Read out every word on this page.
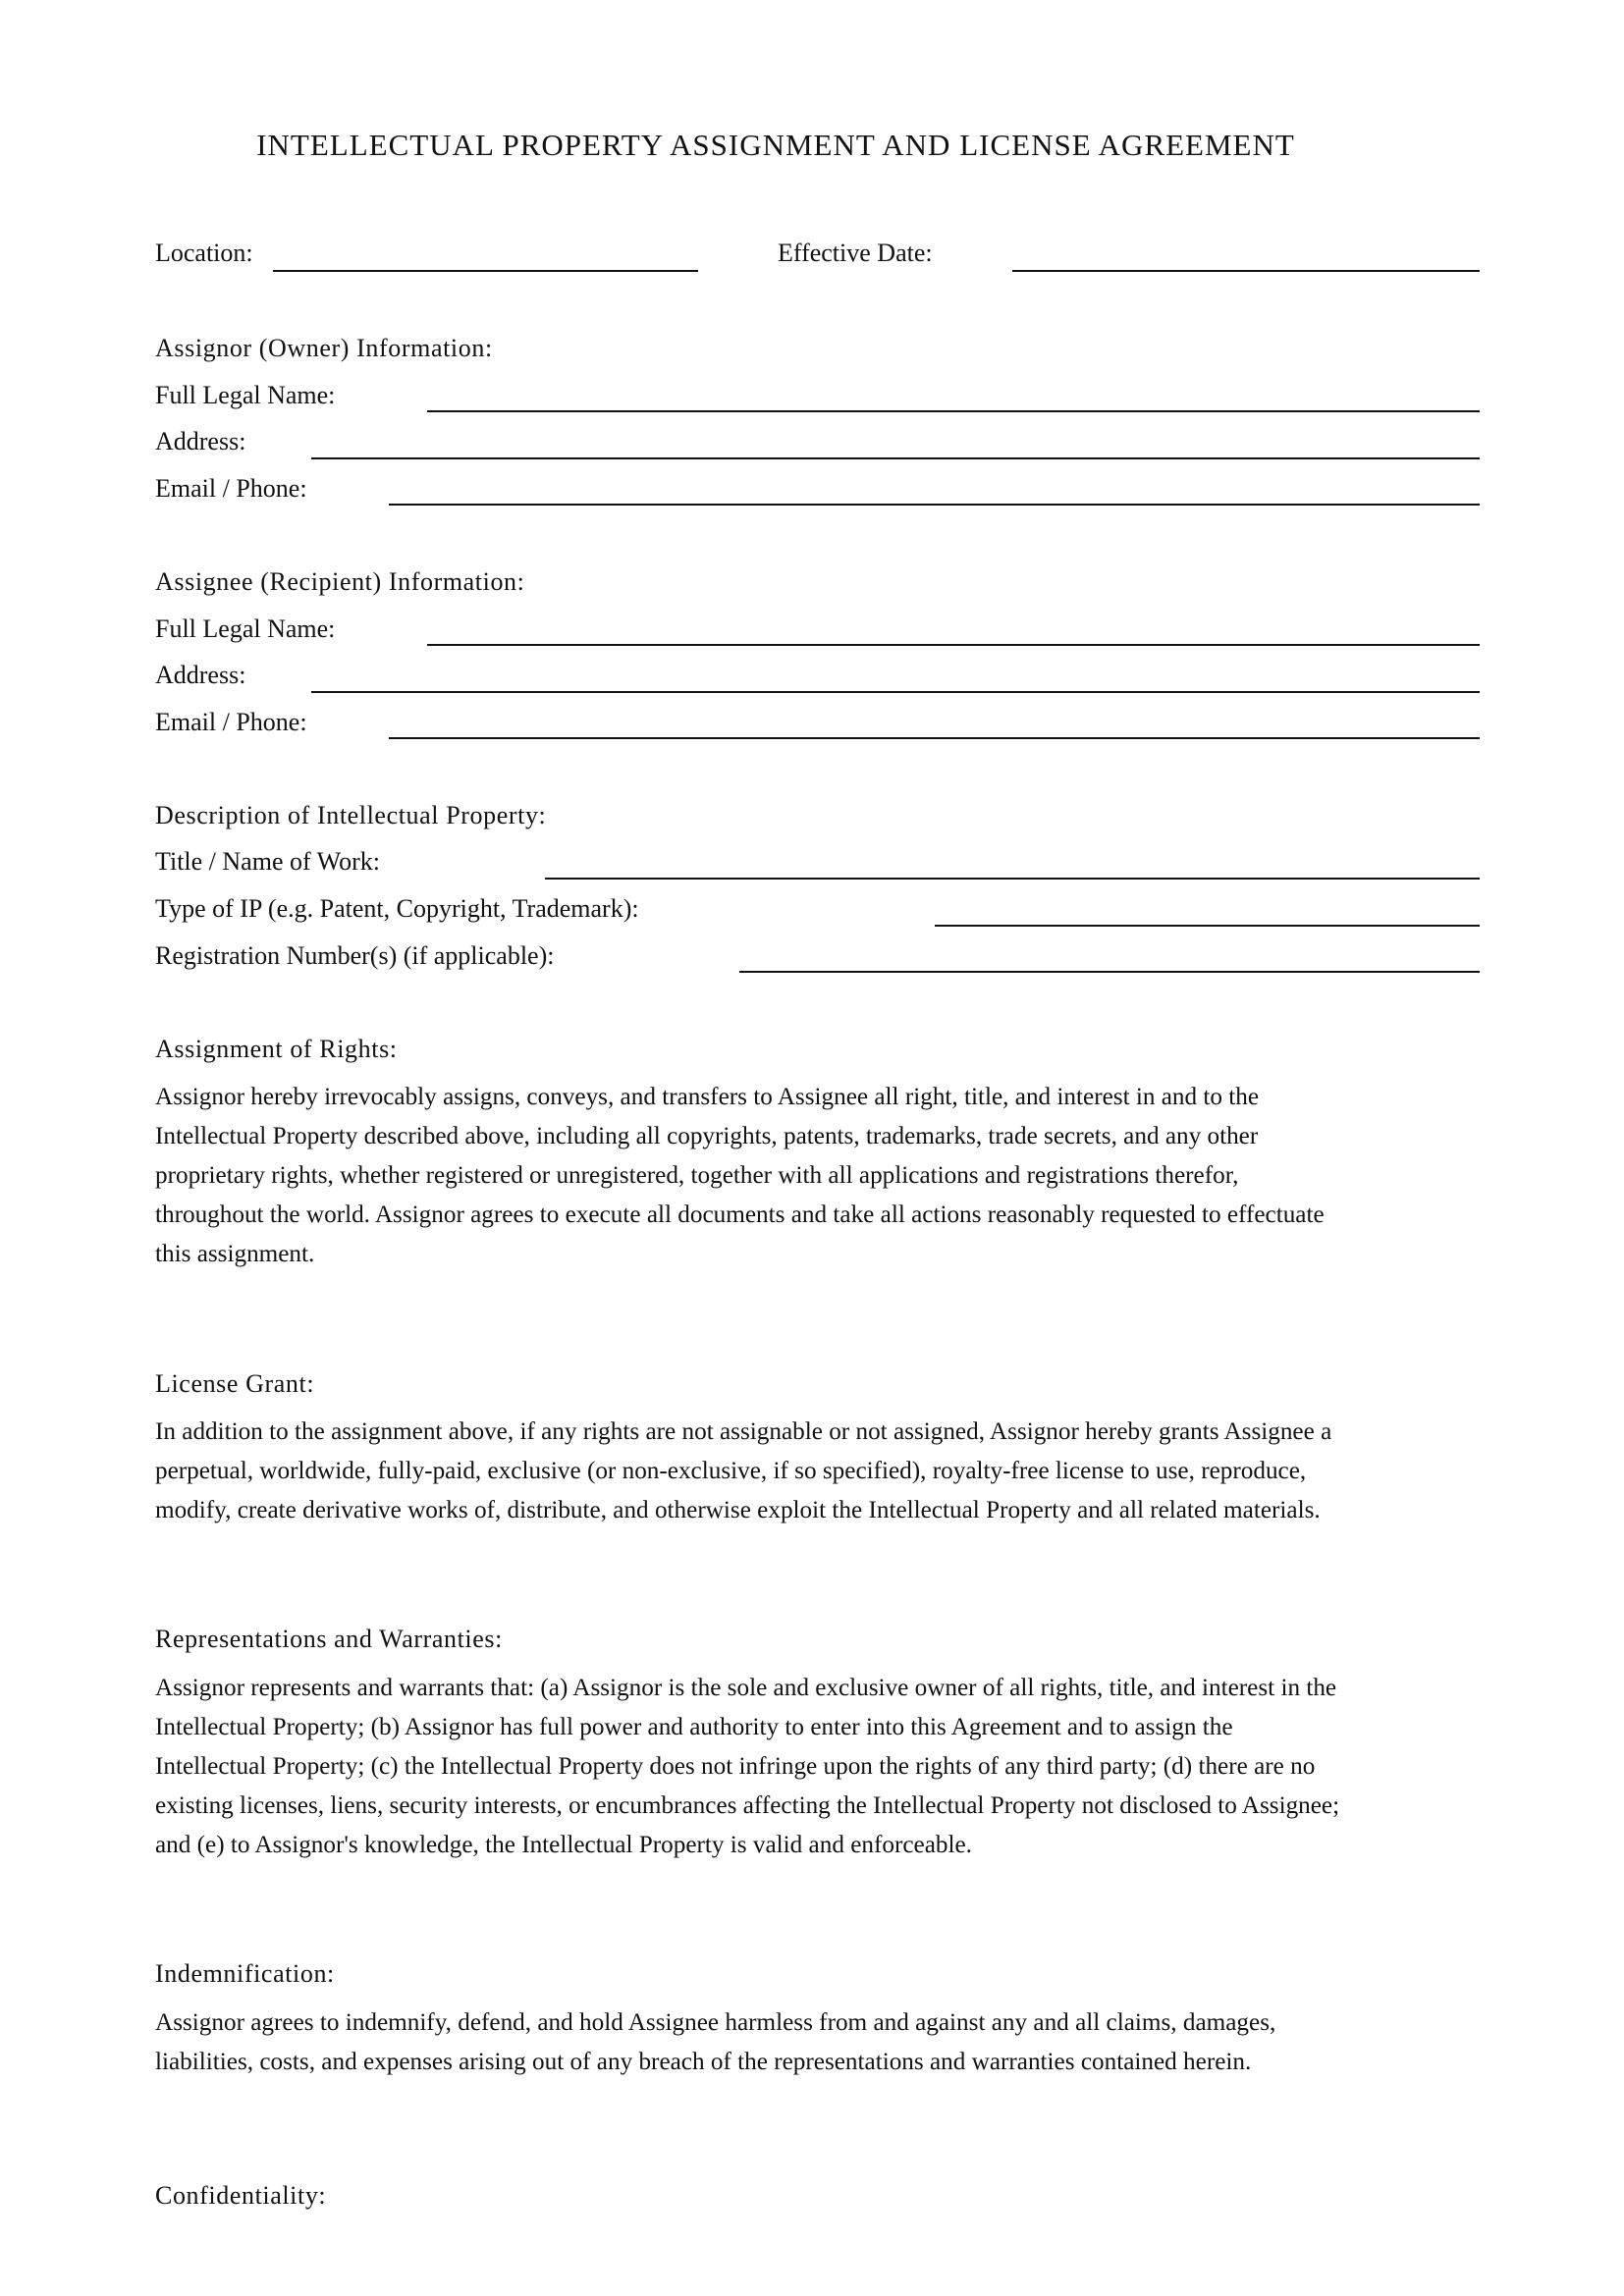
INTELLECTUAL PROPERTY ASSIGNMENT AND LICENSE AGREEMENT
Location:	Effective Date:
Assignor (Owner) Information:
Full Legal Name:
Address:
Email / Phone:
Assignee (Recipient) Information:
Full Legal Name:
Address:
Email / Phone:
Description of Intellectual Property:
Title / Name of Work:
Type of IP (e.g. Patent, Copyright, Trademark):
Registration Number(s) (if applicable):
Assignment of Rights:
Assignor hereby irrevocably assigns, conveys, and transfers to Assignee all right, title, and interest in and to the
Intellectual Property described above, including all copyrights, patents, trademarks, trade secrets, and any other
proprietary rights, whether registered or unregistered, together with all applications and registrations therefor,
throughout the world. Assignor agrees to execute all documents and take all actions reasonably requested to effectuate
this assignment.
License Grant:
In addition to the assignment above, if any rights are not assignable or not assigned, Assignor hereby grants Assignee a
perpetual, worldwide, fully-paid, exclusive (or non-exclusive, if so specified), royalty-free license to use, reproduce,
modify, create derivative works of, distribute, and otherwise exploit the Intellectual Property and all related materials.
Representations and Warranties:
Assignor represents and warrants that: (a) Assignor is the sole and exclusive owner of all rights, title, and interest in the
Intellectual Property; (b) Assignor has full power and authority to enter into this Agreement and to assign the
Intellectual Property; (c) the Intellectual Property does not infringe upon the rights of any third party; (d) there are no
existing licenses, liens, security interests, or encumbrances affecting the Intellectual Property not disclosed to Assignee;
and (e) to Assignor's knowledge, the Intellectual Property is valid and enforceable.
Indemnification:
Assignor agrees to indemnify, defend, and hold Assignee harmless from and against any and all claims, damages,
liabilities, costs, and expenses arising out of any breach of the representations and warranties contained herein.
Confidentiality:
